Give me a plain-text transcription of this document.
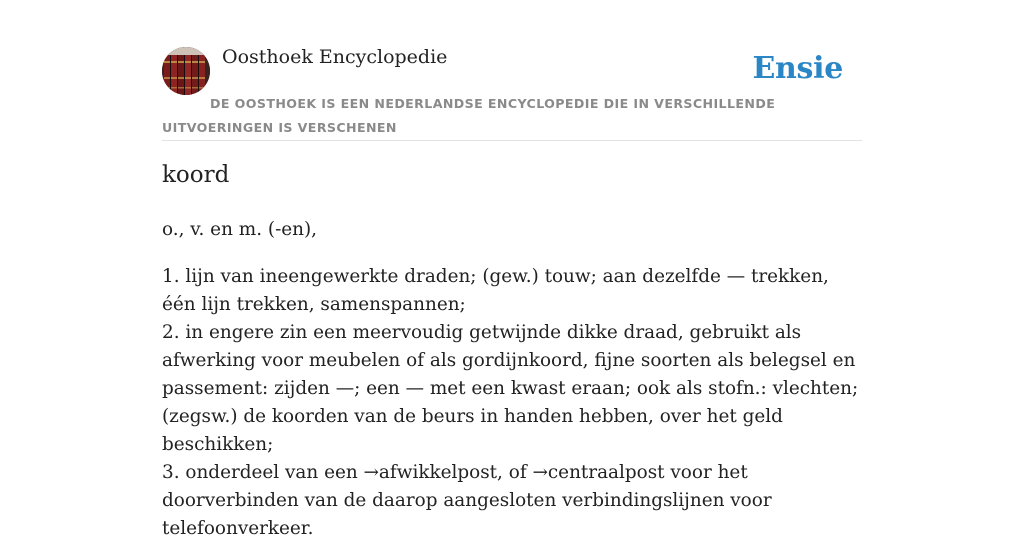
Oosthoek Encyclopedie	Ensie
DE OOSTHOEK IS EEN NEDERLANDSE ENCYCLOPEDIE DIE IN VERSCHILLENDE UITVOERINGEN IS VERSCHENEN
koord

o., v. en m. (-en),

1. lijn van ineengewerkte draden; (gew.) touw; aan dezelfde — trekken, één lijn trekken, samenspannen;
2. in engere zin een meervoudig getwijnde dikke draad, gebruikt als afwerking voor meubelen of als gordijnkoord, fijne soorten als belegsel en passement: zijden —; een — met een kwast eraan; ook als stofn.: vlechten; (zegsw.) de koorden van de beurs in handen hebben, over het geld beschikken;
3. onderdeel van een →afwikkelpost, of →centraalpost voor het doorverbinden van de daarop aangesloten verbindingslijnen voor telefoonverkeer.
